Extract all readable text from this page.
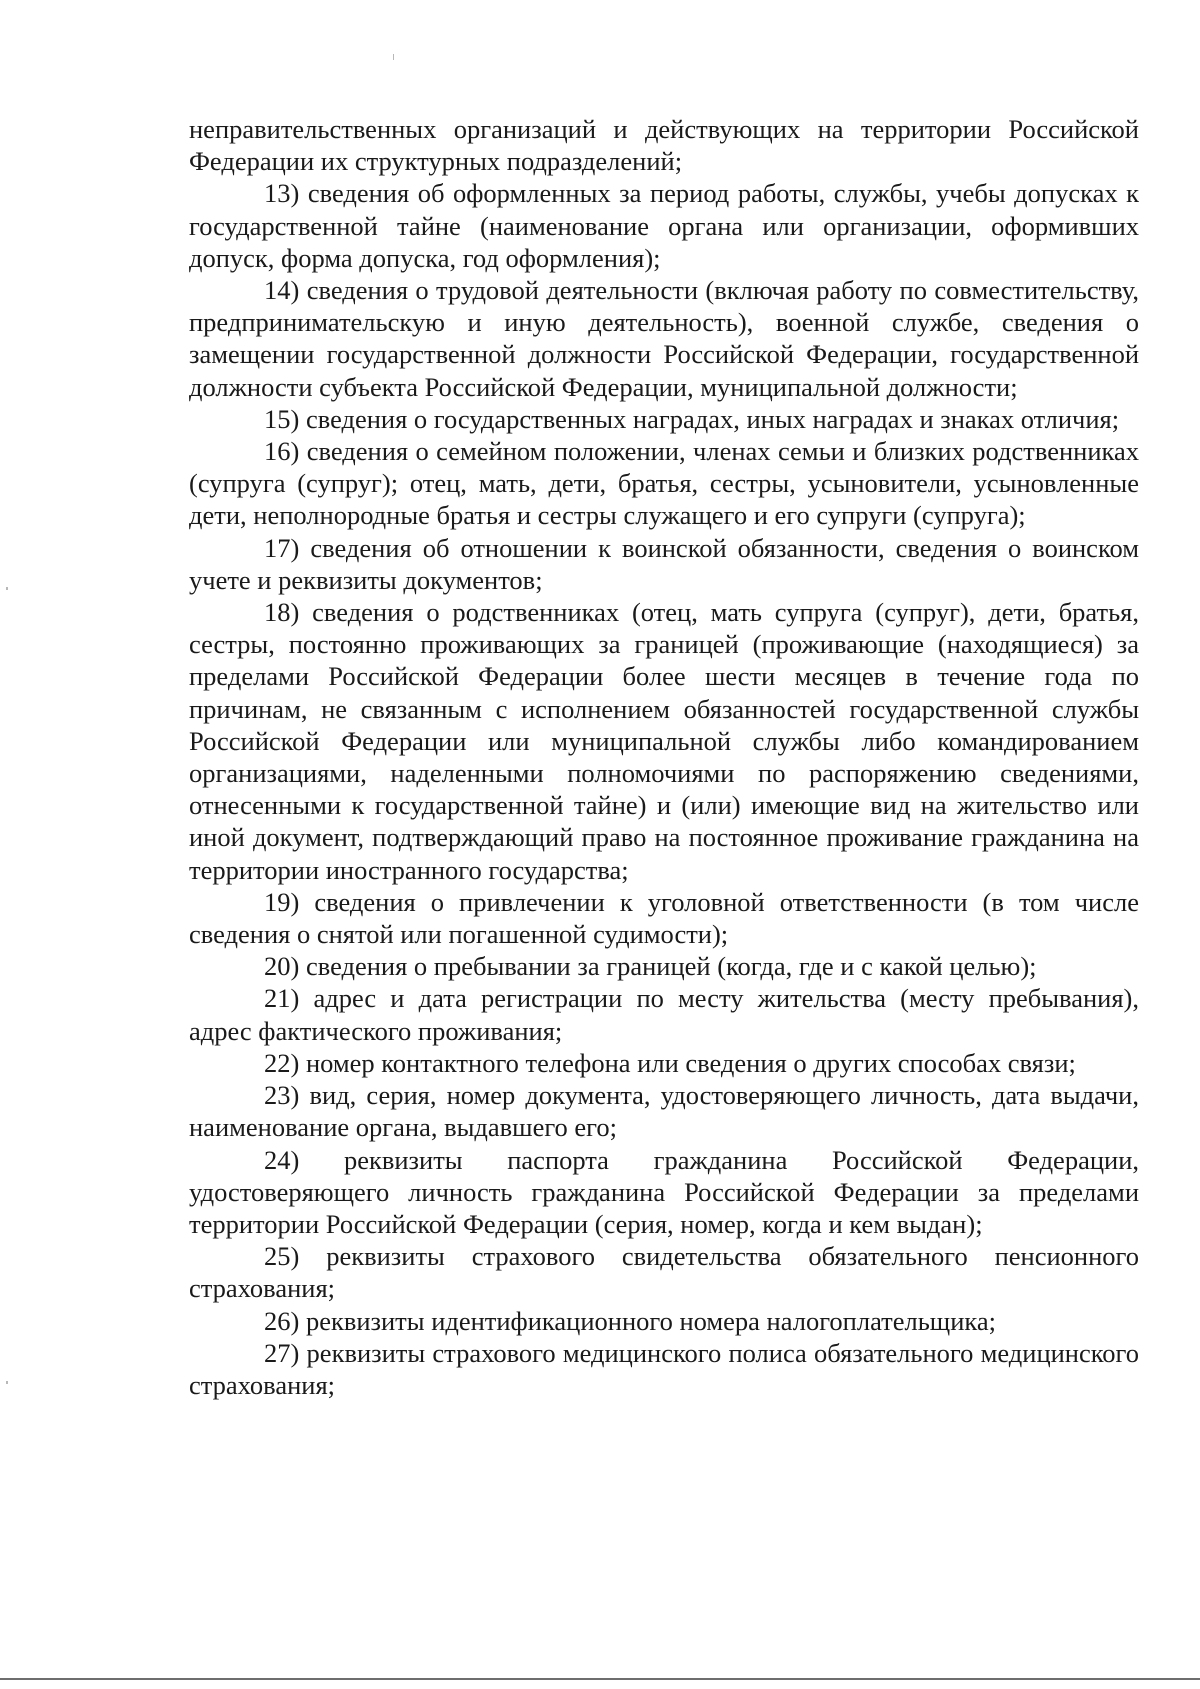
неправительственных организаций и действующих на территории Российской Федерации их структурных подразделений;

13) сведения об оформленных за период работы, службы, учебы допусках к государственной тайне (наименование органа или организации, оформивших допуск, форма допуска, год оформления);

14) сведения о трудовой деятельности (включая работу по совместительству, предпринимательскую и иную деятельность), военной службе, сведения о замещении государственной должности Российской Федерации, государственной должности субъекта Российской Федерации, муниципальной должности;

15) сведения о государственных наградах, иных наградах и знаках отличия;

16) сведения о семейном положении, членах семьи и близких родственниках (супруга (супруг); отец, мать, дети, братья, сестры, усыновители, усыновленные дети, неполнородные братья и сестры служащего и его супруги (супруга);

17) сведения об отношении к воинской обязанности, сведения о воинском учете и реквизиты документов;

18) сведения о родственниках (отец, мать супруга (супруг), дети, братья, сестры, постоянно проживающих за границей (проживающие (находящиеся) за пределами Российской Федерации более шести месяцев в течение года по причинам, не связанным с исполнением обязанностей государственной службы Российской Федерации или муниципальной службы либо командированием организациями, наделенными полномочиями по распоряжению сведениями, отнесенными к государственной тайне) и (или) имеющие вид на жительство или иной документ, подтверждающий право на постоянное проживание гражданина на территории иностранного государства;

19) сведения о привлечении к уголовной ответственности (в том числе сведения о снятой или погашенной судимости);

20) сведения о пребывании за границей (когда, где и с какой целью);

21) адрес и дата регистрации по месту жительства (месту пребывания), адрес фактического проживания;

22) номер контактного телефона или сведения о других способах связи;

23) вид, серия, номер документа, удостоверяющего личность, дата выдачи, наименование органа, выдавшего его;

24) реквизиты паспорта гражданина Российской Федерации, удостоверяющего личность гражданина Российской Федерации за пределами территории Российской Федерации (серия, номер, когда и кем выдан);

25) реквизиты страхового свидетельства обязательного пенсионного страхования;

26) реквизиты идентификационного номера налогоплательщика;

27) реквизиты страхового медицинского полиса обязательного медицинского страхования;
